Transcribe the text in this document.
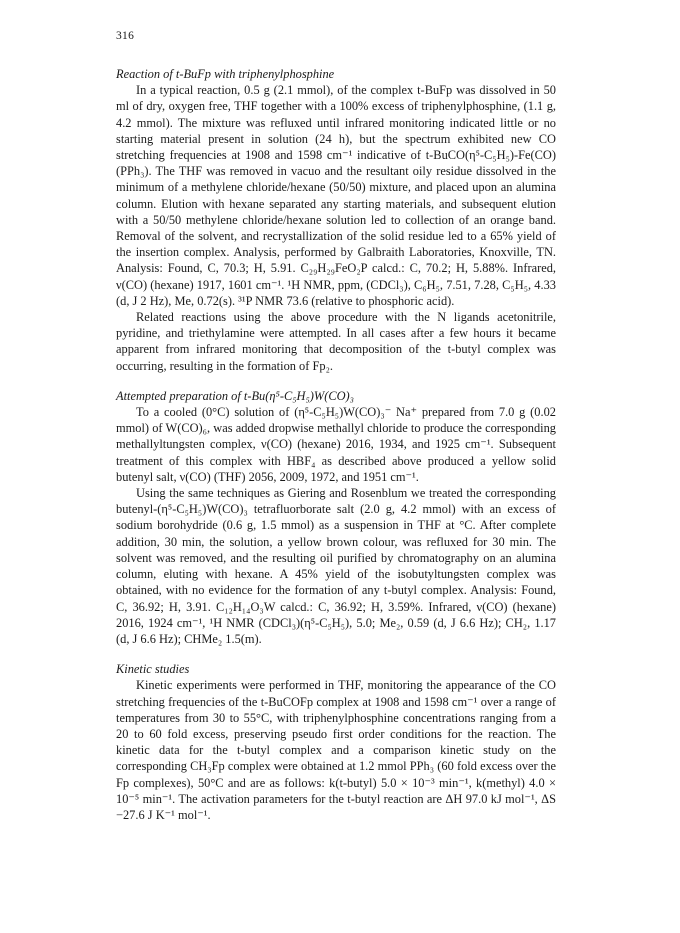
316
Reaction of t-BuFp with triphenylphosphine

In a typical reaction, 0.5 g (2.1 mmol), of the complex t-BuFp was dissolved in 50 ml of dry, oxygen free, THF together with a 100% excess of triphenylphosphine, (1.1 g, 4.2 mmol). The mixture was refluxed until infrared monitoring indicated little or no starting material present in solution (24 h), but the spectrum exhibited new CO stretching frequencies at 1908 and 1598 cm⁻¹ indicative of t-BuCO(η⁵-C₅H₅)-Fe(CO)(PPh₃). The THF was removed in vacuo and the resultant oily residue dissolved in the minimum of a methylene chloride/hexane (50/50) mixture, and placed upon an alumina column. Elution with hexane separated any starting materials, and subsequent elution with a 50/50 methylene chloride/hexane solution led to collection of an orange band. Removal of the solvent, and recrystallization of the solid residue led to a 65% yield of the insertion complex. Analysis, performed by Galbraith Laboratories, Knoxville, TN. Analysis: Found, C, 70.3; H, 5.91. C₂₉H₂₉FeO₂P calcd.: C, 70.2; H, 5.88%. Infrared, ν(CO) (hexane) 1917, 1601 cm⁻¹. ¹H NMR, ppm, (CDCl₃), C₆H₅, 7.51, 7.28, C₅H₅, 4.33 (d, J 2 Hz), Me, 0.72(s). ³¹P NMR 73.6 (relative to phosphoric acid).

Related reactions using the above procedure with the N ligands acetonitrile, pyridine, and triethylamine were attempted. In all cases after a few hours it became apparent from infrared monitoring that decomposition of the t-butyl complex was occurring, resulting in the formation of Fp₂.

Attempted preparation of t-Bu(η⁵-C₅H₅)W(CO)₃

To a cooled (0°C) solution of (η⁵-C₅H₅)W(CO)₃⁻ Na⁺ prepared from 7.0 g (0.02 mmol) of W(CO)₆, was added dropwise methallyl chloride to produce the corresponding methallyltungsten complex, ν(CO) (hexane) 2016, 1934, and 1925 cm⁻¹. Subsequent treatment of this complex with HBF₄ as described above produced a yellow solid butenyl salt, ν(CO) (THF) 2056, 2009, 1972, and 1951 cm⁻¹.

Using the same techniques as Giering and Rosenblum we treated the corresponding butenyl-(η⁵-C₅H₅)W(CO)₃ tetrafluorborate salt (2.0 g, 4.2 mmol) with an excess of sodium borohydride (0.6 g, 1.5 mmol) as a suspension in THF at °C. After complete addition, 30 min, the solution, a yellow brown colour, was refluxed for 30 min. The solvent was removed, and the resulting oil purified by chromatography on an alumina column, eluting with hexane. A 45% yield of the isobutyltungsten complex was obtained, with no evidence for the formation of any t-butyl complex. Analysis: Found, C, 36.92; H, 3.91. C₁₂H₁₄O₃W calcd.: C, 36.92; H, 3.59%. Infrared, ν(CO) (hexane) 2016, 1924 cm⁻¹, ¹H NMR (CDCl₃)(η⁵-C₅H₅), 5.0; Me₂, 0.59 (d, J 6.6 Hz); CH₂, 1.17 (d, J 6.6 Hz); CHMe₂ 1.5(m).

Kinetic studies

Kinetic experiments were performed in THF, monitoring the appearance of the CO stretching frequencies of the t-BuCOFp complex at 1908 and 1598 cm⁻¹ over a range of temperatures from 30 to 55°C, with triphenylphosphine concentrations ranging from a 20 to 60 fold excess, preserving pseudo first order conditions for the reaction. The kinetic data for the t-butyl complex and a comparison kinetic study on the corresponding CH₃Fp complex were obtained at 1.2 mmol PPh₃ (60 fold excess over the Fp complexes), 50°C and are as follows: k(t-butyl) 5.0 × 10⁻³ min⁻¹, k(methyl) 4.0 × 10⁻⁵ min⁻¹. The activation parameters for the t-butyl reaction are ΔH 97.0 kJ mol⁻¹, ΔS −27.6 J K⁻¹ mol⁻¹.
